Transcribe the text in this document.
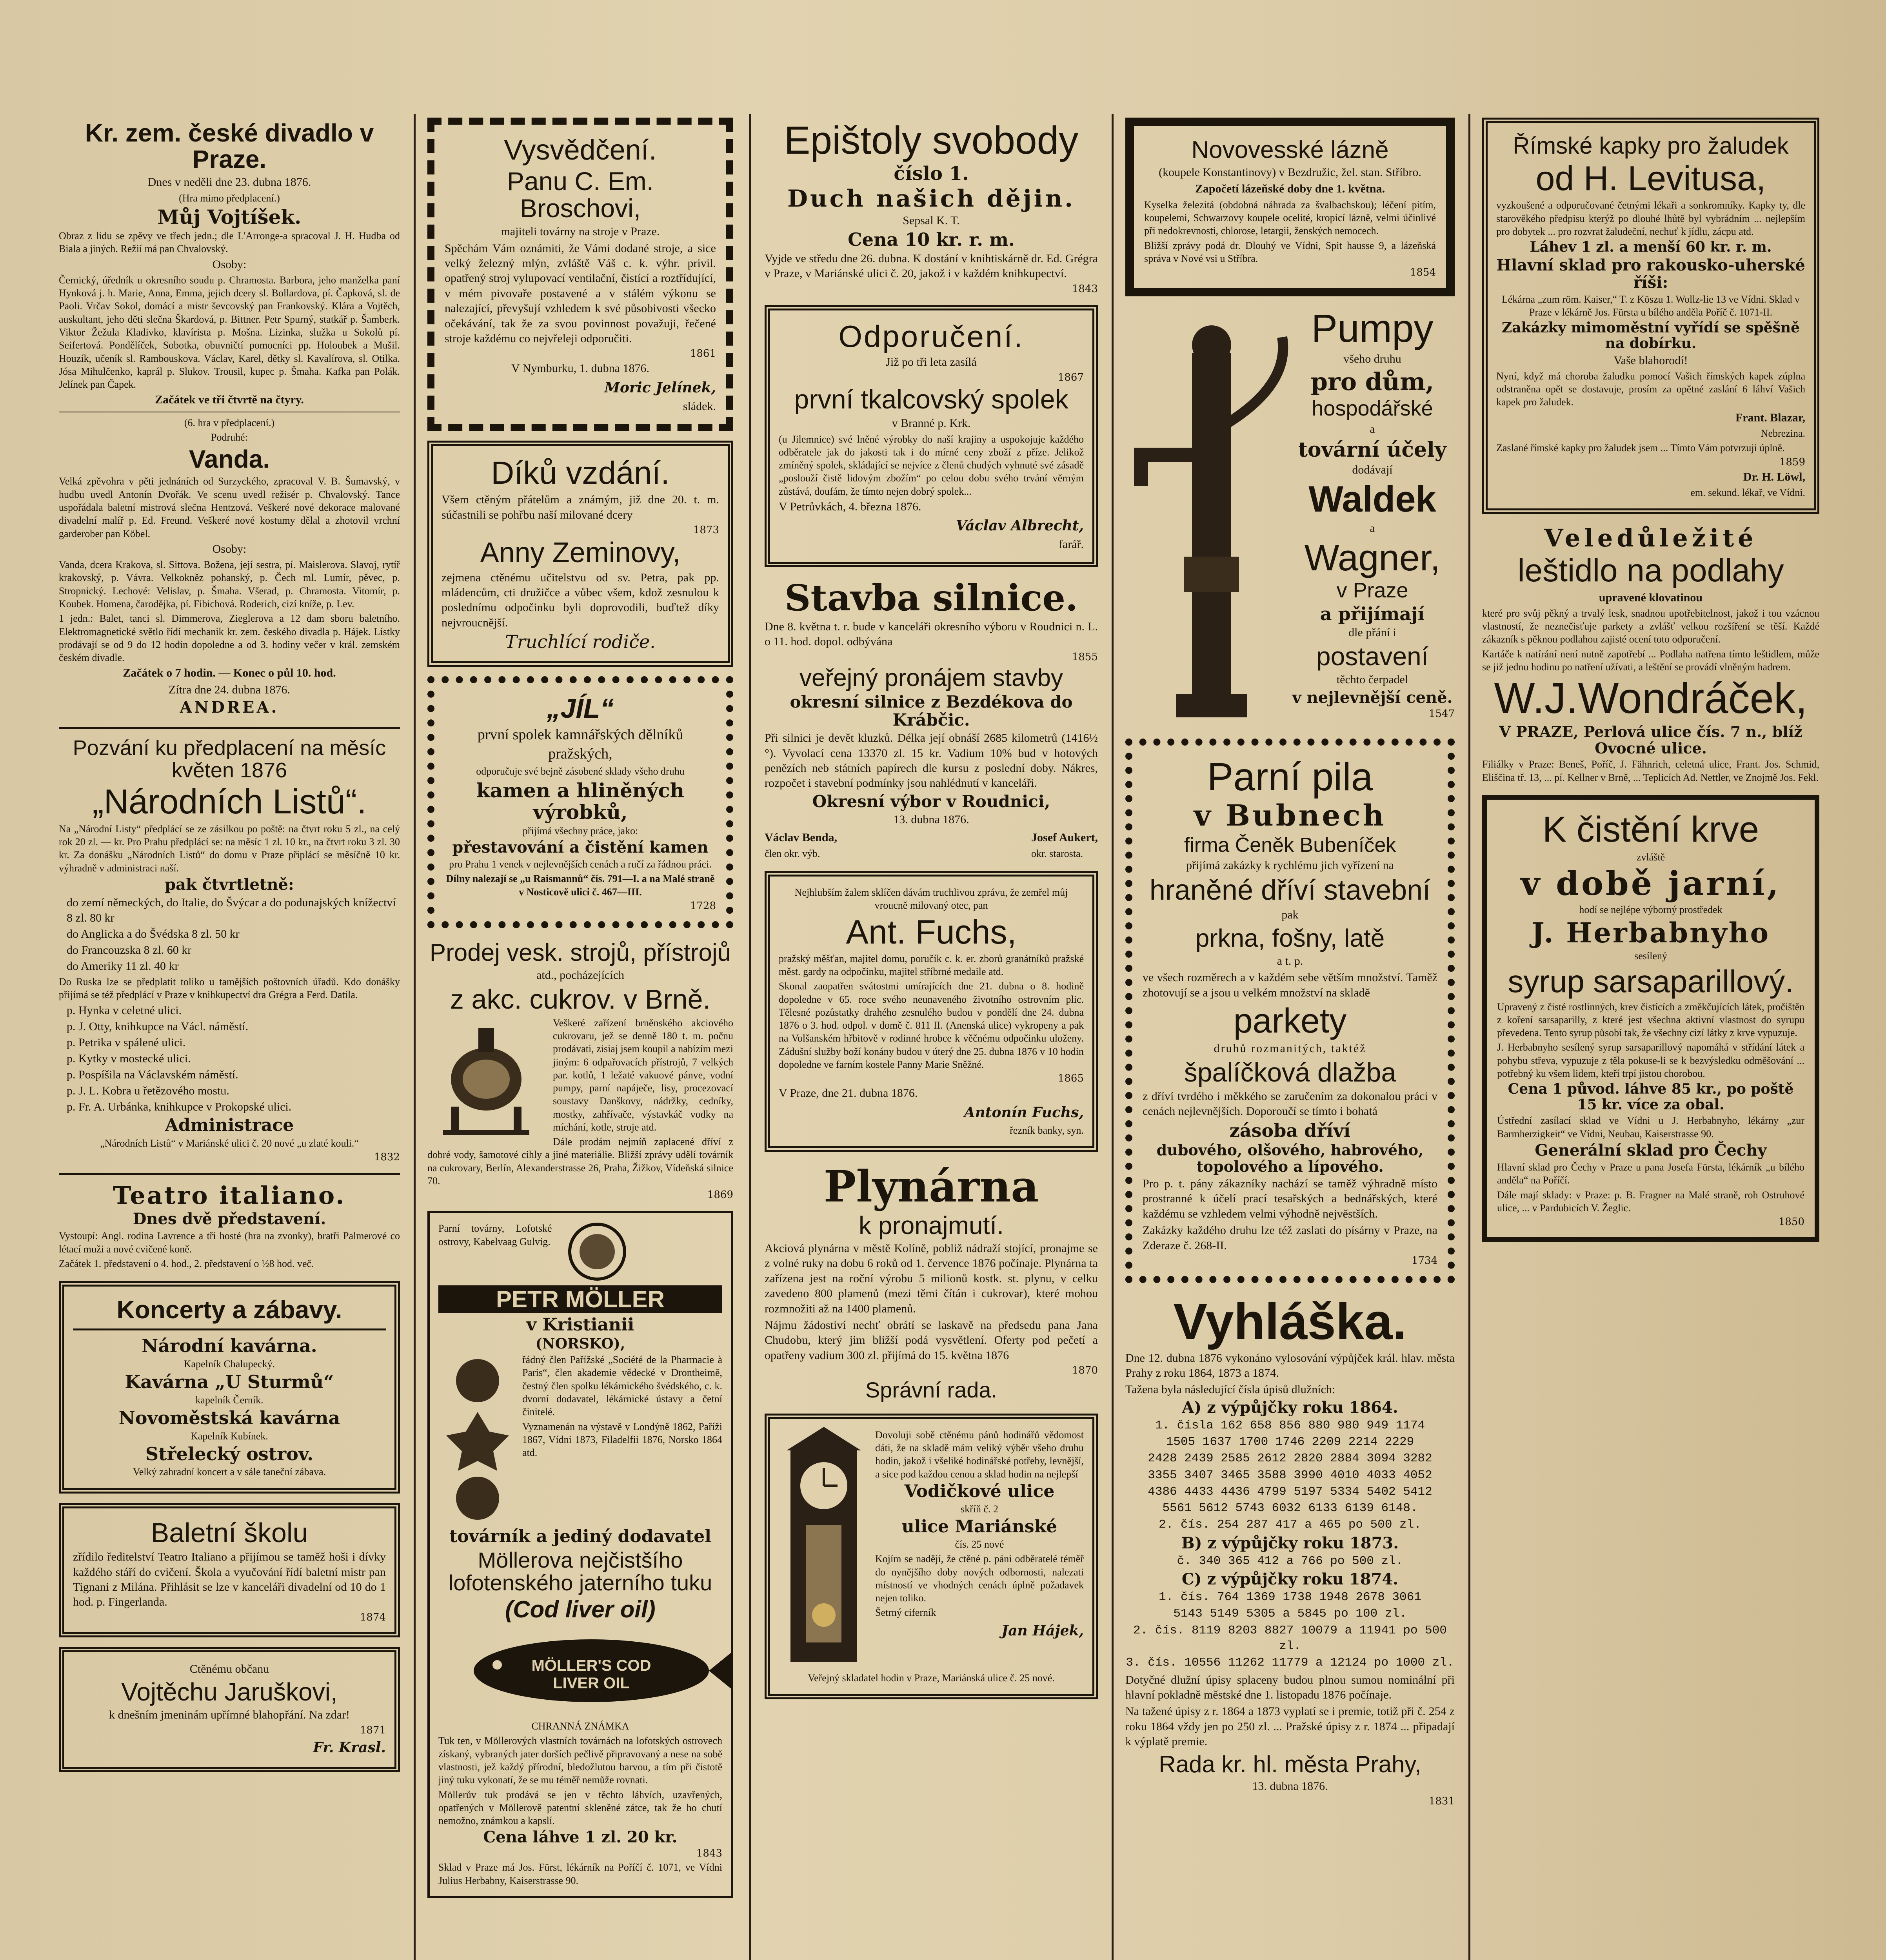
Kr. zem. české divadlo v Praze.
Dnes v neděli dne 23. dubna 1876.
(Hra mimo předplacení.)
Můj Vojtíšek.
Obraz z lidu se zpěvy ve třech jedn.; dle L'Arronge-a spracoval J. H. Hudba od Biala a jiných. Režií má pan Chvalovský.
Osoby:
Černický, úředník u okresního soudu p. Chramosta. Barbora, jeho manželka paní Hynková j. h. Marie, Anna, Emma, jejich dcery sl. Bollardova, pí. Čapková, sl. de Paoli. Vrčav Sokol, domácí a mistr ševcovský pan Frankovský. Klára a Vojtěch, auskultant, jeho děti slečna Škardová, p. Bittner. Petr Spurný, statkář p. Šamberk. Viktor Žežula Kladivko, klavírista p. Mošna. Lizinka, služka u Sokolů pí. Seifertová. Pondělíček, Sobotka, obuvničtí pomocníci pp. Holoubek a Mušil. Houzík, učeník sl. Rambouskova. Václav, Karel, dětky sl. Kavalírova, sl. Otilka. Jósa Mihulčenko, kaprál p. Slukov. Trousil, kupec p. Šmaha. Kafka pan Polák. Jelínek pan Čapek.
Začátek ve tři čtvrtě na čtyry.
(6. hra v předplacení.)
Podruhé:
Vanda.
Velká zpěvohra v pěti jednáních od Surzyckého, zpracoval V. B. Šumavský, v hudbu uvedl Antonín Dvořák. Ve scenu uvedl režisér p. Chvalovský. Tance uspořádala baletní mistrová slečna Hentzová. Veškeré nové dekorace malované divadelní malíř p. Ed. Freund. Veškeré nové kostumy dělal a zhotovil vrchní garderober pan Köbel.
Osoby:
Vanda, dcera Krakova, sl. Sittova. Božena, její sestra, pí. Maislerova. Slavoj, rytíř krakovský, p. Vávra. Velkokněz pohanský, p. Čech ml. Lumír, pěvec, p. Stropnický. Lechové: Velislav, p. Šmaha. Všerad, p. Chramosta. Vitomír, p. Koubek. Homena, čarodějka, pí. Fibichová. Roderich, cizí kníže, p. Lev.
1 jedn.: Balet, tanci sl. Dimmerova, Zieglerova a 12 dam sboru baletního. Elektromagnetické světlo řídí mechanik kr. zem. českého divadla p. Hájek. Lístky prodávají se od 9 do 12 hodin dopoledne a od 3. hodiny večer v král. zemském českém divadle.
Začátek o 7 hodin. — Konec o půl 10. hod.
Zítra dne 24. dubna 1876.
ANDREA.
Pozvání ku předplacení na měsíc květen 1876
„Národních Listů“.
Na „Národní Listy“ předplácí se ze zásilkou po poště: na čtvrt roku 5 zl., na celý rok 20 zl. — kr. Pro Prahu předplácí se: na měsíc 1 zl. 10 kr., na čtvrt roku 3 zl. 30 kr. Za donášku „Národních Listů“ do domu v Praze připlácí se měsíčně 10 kr. výhradně v administraci naší.
pak čtvrtletně:
do zemí německých, do Italie, do Švýcar a do podunajských knížectví 8 zl. 80 kr
do Anglicka a do Švédska 8 zl. 50 kr
do Francouzska 8 zl. 60 kr
do Ameriky 11 zl. 40 kr
Do Ruska lze se předplatit toliko u tamějších poštovních úřadů. Kdo donášky přijímá se též předplácí v Praze v knihkupectví dra Grégra a Ferd. Datila.
p. Hynka v celetné ulici.
p. J. Otty, knihkupce na Václ. náměstí.
p. Petrika v spálené ulici.
p. Kytky v mostecké ulici.
p. Pospíšila na Václavském náměstí.
p. J. L. Kobra u řetězového mostu.
p. Fr. A. Urbánka, knihkupce v Prokopské ulici.
Administrace
„Národních Listů“ v Mariánské ulici č. 20 nové „u zlaté kouli.“
1832
Teatro italiano.
Dnes dvě představení.
Vystoupí: Angl. rodina Lavrence a tři hosté (hra na zvonky), bratři Palmerové co létací muži a nové cvičené koně.
Začátek 1. představení o 4. hod., 2. představení o ½8 hod. več.
Koncerty a zábavy.
Národní kavárna.
Kapelník Chalupecký.
Kavárna „U Sturmů“
kapelník Černík.
Novoměstská kavárna
Kapelník Kubínek.
Střelecký ostrov.
Velký zahradní koncert a v sále taneční zábava.
Baletní školu
zřídilo ředitelství Teatro Italiano a přijímou se taměž hoši i dívky každého stáří do cvičení. Škola a vyučování řídí baletní mistr pan Tignani z Milána. Přihlásit se lze v kanceláři divadelní od 10 do 1 hod. p. Fingerlanda.
1874
Ctěnému občanu
Vojtěchu Jaruškovi,
k dnešním jmeninám upřímné blahopřání. Na zdar!
1871
Fr. Krasl.
Vysvědčení.
Panu C. Em. Broschovi,
majiteli továrny na stroje v Praze.
Spěchám Vám oznámiti, že Vámi dodané stroje, a sice velký železný mlýn, zvláště Váš c. k. výhr. privil. opatřený stroj vylupovací ventilační, čistící a roztřídující, v mém pivovaře postavené a v stálém výkonu se nalezající, převyšují vzhledem k své působivosti všecko očekávání, tak že za svou povinnost považuji, řečené stroje každému co nejvřeleji odporučiti.
1861
V Nymburku, 1. dubna 1876.
Moric Jelínek,
sládek.
Díků vzdání.
Všem ctěným přátelům a známým, již dne 20. t. m. súčastnili se pohřbu naší milované dcery
1873
Anny Zeminovy,
zejmena ctěnému učitelstvu od sv. Petra, pak pp. mládencům, cti družičce a vůbec všem, kdož zesnulou k poslednímu odpočinku byli doprovodili, buďtež díky nejvroucnější.
Truchlící rodiče.
„JÍL“
první spolek kamnářských dělníků pražských,
odporučuje své bejně zásobené sklady všeho druhu
kamen a hliněných výrobků,
přijímá všechny práce, jako:
přestavování a čistění kamen
pro Prahu 1 venek v nejlevnějších cenách a ručí za řádnou práci.
Dílny nalezají se „u Raismannů“ čís. 791—I. a na Malé straně v Nosticově ulici č. 467—III.
1728
Prodej vesk. strojů, přístrojů
atd., pocházejících
z akc. cukrov. v Brně.
Veškeré zařízení brněnského akciového cukrovaru, jež se denně 180 t. m. počnu prodávati, zisiaj jsem koupil a nabízím mezi jiným: 6 odpařovacích přístrojů, 7 velkých par. kotlů, 1 ležaté vakuové pánve, vodní pumpy, parní napáječe, lisy, procezovací soustavy Danškovy, nádržky, cedníky, mostky, zahřívače, výstavkáč vodky na míchání, kotle, stroje atd.
Dále prodám nejmíň zaplacené dříví z dobré vody, šamotové cihly a jiné materiálie. Bližší zprávy udělí továrník na cukrovary, Berlín, Alexanderstrasse 26, Praha, Žižkov, Vídeňská silnice 70.
1869
Parní továrny, Lofotské ostrovy, Kabelvaag Gulvig.
PETR MÖLLER
v Kristianii
(NORSKO),
řádný člen Pařížské „Société de la Pharmacie à Paris“, člen akademie vědecké v Drontheimě, čestný člen spolku lékárnického švédského, c. k. dvorní dodavatel, lékárnické ústavy a četní činitelé.
Vyznamenán na výstavě v Londýně 1862, Paříži 1867, Vídni 1873, Filadelfii 1876, Norsko 1864 atd.
továrník a jediný dodavatel
Möllerova nejčistšího lofotenského jaterního tuku
(Cod liver oil)
MÖLLER'S COD LIVER OIL
CHRANNÁ ZNÁMKA
Tuk ten, v Möllerových vlastních továrnách na lofotských ostrovech získaný, vybraných jater dorších pečlivě připravovaný a nese na sobě vlastnosti, jež každý přírodní, bledožlutou barvou, a tím při čistotě jiný tuku vykonatí, že se mu téměř nemůže rovnati.
Möllerův tuk prodává se jen v těchto láhvích, uzavřených, opatřených v Möllerově patentní skleněné zátce, tak že ho chutí nemožno, známkou a kapslí.
Cena láhve 1 zl. 20 kr.
1843
Sklad v Praze má Jos. Fürst, lékárník na Poříčí č. 1071, ve Vídni Julius Herbabny, Kaiserstrasse 90.
Epištoly svobody
číslo 1.
Duch našich dějin.
Sepsal K. T.
Cena 10 kr. r. m.
Vyjde ve středu dne 26. dubna. K dostání v knihtiskárně dr. Ed. Grégra v Praze, v Mariánské ulici č. 20, jakož i v každém knihkupectví.
1843
Odporučení.
Již po tři leta zasílá
1867
první tkalcovský spolek
v Branné p. Krk.
(u Jilemnice) své lněné výrobky do naší krajiny a uspokojuje každého odběratele jak do jakosti tak i do mírné ceny zboží z příze. Jelikož zmíněný spolek, skládající se nejvíce z členů chudých vyhnuté své zásadě „poslouží čistě lidovým zbožím“ po celou dobu svého trvání věrným zůstává, doufám, že tímto nejen dobrý spolek...
V Petrůvkách, 4. března 1876.
Václav Albrecht,
farář.
Stavba silnice.
Dne 8. května t. r. bude v kanceláři okresního výboru v Roudnici n. L. o 11. hod. dopol. odbývána
1855
veřejný pronájem stavby
okresní silnice z Bezdékova do Krábčic.
Při silnici je devět kluzků. Délka její obnáší 2685 kilometrů (1416½ °). Vyvolací cena 13370 zl. 15 kr. Vadium 10% bud v hotových penězích neb státních papírech dle kursu z poslední doby. Nákres, rozpočet i stavební podmínky jsou nahlédnutí v kanceláři.
Okresní výbor v Roudnici,
13. dubna 1876.
Václav Benda,
člen okr. výb.
Josef Aukert,
okr. starosta.
Nejhlubším žalem sklíčen dávám truchlivou zprávu, že zemřel můj vroucně milovaný otec, pan
Ant. Fuchs,
pražský měšťan, majitel domu, poručík c. k. er. zborů granátníků pražské měst. gardy na odpočinku, majitel stříbrné medaile atd.
Skonal zaopatřen svátostmi umírajících dne 21. dubna o 8. hodině dopoledne v 65. roce svého neunaveného životního ostrovním plic. Tělesné pozůstatky drahého zesnulého budou v pondělí dne 24. dubna 1876 o 3. hod. odpol. v domě č. 811 II. (Anenská ulice) vykropeny a pak na Volšanském hřbitově v rodinné hrobce k věčnému odpočinku uloženy. Zádušní služby boží konány budou v úterý dne 25. dubna 1876 v 10 hodin dopoledne ve farním kostele Panny Marie Sněžné.
1865
V Praze, dne 21. dubna 1876.
Antonín Fuchs,
řezník banky, syn.
Plynárna
k pronajmutí.
Akciová plynárna v městě Kolíně, pobliž nádraží stojící, pronajme se z volné ruky na dobu 6 roků od 1. července 1876 počínaje. Plynárna ta zařízena jest na roční výrobu 5 milionů kostk. st. plynu, v celku zavedeno 800 plamenů (mezi těmi čítán i cukrovar), které mohou rozmnožiti až na 1400 plamenů.
Nájmu žádostiví nechť obrátí se laskavě na předsedu pana Jana Chudobu, který jim bližší podá vysvětlení. Oferty pod pečetí a opatřeny vadium 300 zl. přijímá do 15. května 1876
1870
Správní rada.
Dovoluji sobě ctěnému pánů hodinářů vědomost dáti, že na skladě mám veliký výběr všeho druhu hodin, jakož i všeliké hodinářské potřeby, levnější, a sice pod každou cenou a sklad hodin na nejlepší
Vodičkové ulice
skříň č. 2
ulice Mariánské
čís. 25 nové
Kojím se nadějí, že ctěné p. páni odběratelé téměř do nynějšího doby nových odbornosti, nalezati místností ve vhodných cenách úplně požadavek nejen toliko.
Šetrný ciferník
Jan Hájek,
Veřejný skladatel hodin v Praze, Mariánská ulice č. 25 nové.
Novovesské lázně
(koupele Konstantinovy) v Bezdružic, žel. stan. Stříbro.
Započetí lázeňské doby dne 1. května.
Kyselka železitá (obdobná náhrada za švalbachskou); léčení pitím, koupelemi, Schwarzovy koupele ocelité, kropicí lázně, velmi účinlivé při nedokrevnosti, chlorose, letargii, ženských nemocech.
Bližší zprávy podá dr. Dlouhý ve Vídni, Spit hausse 9, a lázeňská správa v Nové vsi u Stříbra.
1854
Pumpy
všeho druhu
pro dům,
hospodářské
a
tovární účely
dodávají
Waldek
a
Wagner,
v Praze
a přijímají
dle přání i
postavení
těchto čerpadel
v nejlevnější ceně.
1547
Parní pila
v Bubnech
firma Čeněk Bubeníček
přijímá zakázky k rychlému jich vyřízení na
hraněné dříví stavební
pak
prkna, fošny, latě
a t. p.
ve všech rozměrech a v každém sebe větším množství. Taměž zhotovují se a jsou u velkém množství na skladě
parkety
druhů rozmanitých, taktéž
špalíčková dlažba
z dříví tvrdého i měkkého se zaručením za dokonalou práci v cenách nejlevnějších. Doporoučí se tímto i bohatá
zásoba dříví
dubového, olšového, habrového, topolového a lípového.
Pro p. t. pány zákazníky nachází se taměž výhradně místo prostranné k účelí prací tesařských a bednářských, které každému se vzhledem velmi výhodně nejvěstších.
Zakázky každého druhu lze též zaslati do písárny v Praze, na Zderaze č. 268-II.
1734
Vyhláška.
Dne 12. dubna 1876 vykonáno vylosování výpůjček král. hlav. města Prahy z roku 1864, 1873 a 1874.
Tažena byla následující čísla úpisů dlužních:
A) z výpůjčky roku 1864.
1. čísla 162 658 856 880 980 949 1174
1505 1637 1700 1746 2209 2214 2229
2428 2439 2585 2612 2820 2884 3094 3282
3355 3407 3465 3588 3990 4010 4033 4052
4386 4433 4436 4799 5197 5334 5402 5412
5561 5612 5743 6032 6133 6139 6148.
2. čís. 254 287 417 a 465 po 500 zl.
B) z výpůjčky roku 1873.
č. 340 365 412 a 766 po 500 zl.
C) z výpůjčky roku 1874.
1. čís. 764 1369 1738 1948 2678 3061
5143 5149 5305 a 5845 po 100 zl.
2. čís. 8119 8203 8827 10079 a 11941 po 500 zl.
3. čís. 10556 11262 11779 a 12124 po 1000 zl.
Dotyčné dlužní úpisy splaceny budou plnou sumou nominální při hlavní pokladně městské dne 1. listopadu 1876 počínaje.
Na tažené úpisy z r. 1864 a 1873 vyplatí se i premie, totiž při č. 254 z roku 1864 vždy jen po 250 zl. ... Pražské úpisy z r. 1874 ... připadají k výplatě premie.
Rada kr. hl. města Prahy,
13. dubna 1876.
1831
Římské kapky pro žaludek
od H. Levitusa,
vyzkoušené a odporučované četnými lékaři a sonkromníky. Kapky ty, dle starověkého předpisu kterýž po dlouhé lhůtě byl vybrádním ... nejlepším pro dobytek ... pro rozvrat žaludeční, nechuť k jídlu, zácpu atd.
Láhev 1 zl. a menší 60 kr. r. m.
Hlavní sklad pro rakousko-uherské říši:
Lékárna „zum röm. Kaiser,“ T. z Köszu 1. Wollz-lie 13 ve Vídni. Sklad v Praze v lékárně Jos. Fürsta u bílého anděla Poříč č. 1071-II.
Zakázky mimoměstní vyřídí se spěšně na dobírku.
Vaše blahorodí!
Nyní, když má choroba žaludku pomocí Vašich římských kapek zúplna odstraněna opět se dostavuje, prosím za opětné zaslání 6 láhví Vašich kapek pro žaludek.
Frant. Blazar,
Nebrezina.
Zaslané římské kapky pro žaludek jsem ... Tímto Vám potvrzuji úplně.
1859
Dr. H. Löwl,
em. sekund. lékař, ve Vídni.
Veledůležité
leštidlo na podlahy
upravené klovatinou
které pro svůj pěkný a trvalý lesk, snadnou upotřebitelnost, jakož i tou vzácnou vlastností, že neznečisťuje parkety a zvlášť velkou rozšíření se těší. Každé zákazník s pěknou podlahou zajisté ocení toto odporučení.
Kartáče k natírání není nutně zapotřebí ... Podlaha natřena tímto leštidlem, může se již jednu hodinu po natření užívati, a leštění se provádí vlněným hadrem.
W.J.Wondráček,
V PRAZE, Perlová ulice čís. 7 n., blíž Ovocné ulice.
Filiálky v Praze: Beneš, Poříč, J. Fähnrich, celetná ulice, Frant. Jos. Schmid, Eliščina tř. 13, ... pí. Kellner v Brně, ... Teplicích Ad. Nettler, ve Znojmě Jos. Fekl.
K čistění krve
zvláště
v době jarní,
hodí se nejlépe výborný prostředek
J. Herbabnyho
sesílený
syrup sarsaparillový.
Upravený z čisté rostlinných, krev čistících a změkčujících látek, pročištěn z koření sarsaparilly, z které jest všechna aktivní vlastnost do syrupu převedena. Tento syrup působí tak, že všechny cizí látky z krve vypuzuje.
J. Herbabnyho sesílený syrup sarsaparillový napomáhá v střídání látek a pohybu střeva, vypuzuje z těla pokuse-li se k bezvýsledku odměšování ... potřebný ku všem lidem, kteří trpí jistou chorobou.
Cena 1 původ. láhve 85 kr., po poště 15 kr. více za obal.
Ústřední zasílací sklad ve Vídni u J. Herbabnyho, lékárny „zur Barmherzigkeit“ ve Vídni, Neubau, Kaiserstrasse 90.
Generální sklad pro Čechy
Hlavní sklad pro Čechy v Praze u pana Josefa Fürsta, lékárník „u bílého anděla“ na Poříčí.
Dále mají sklady: v Praze: p. B. Fragner na Malé straně, roh Ostruhové ulice, ... v Pardubicích V. Žeglic.
1850
